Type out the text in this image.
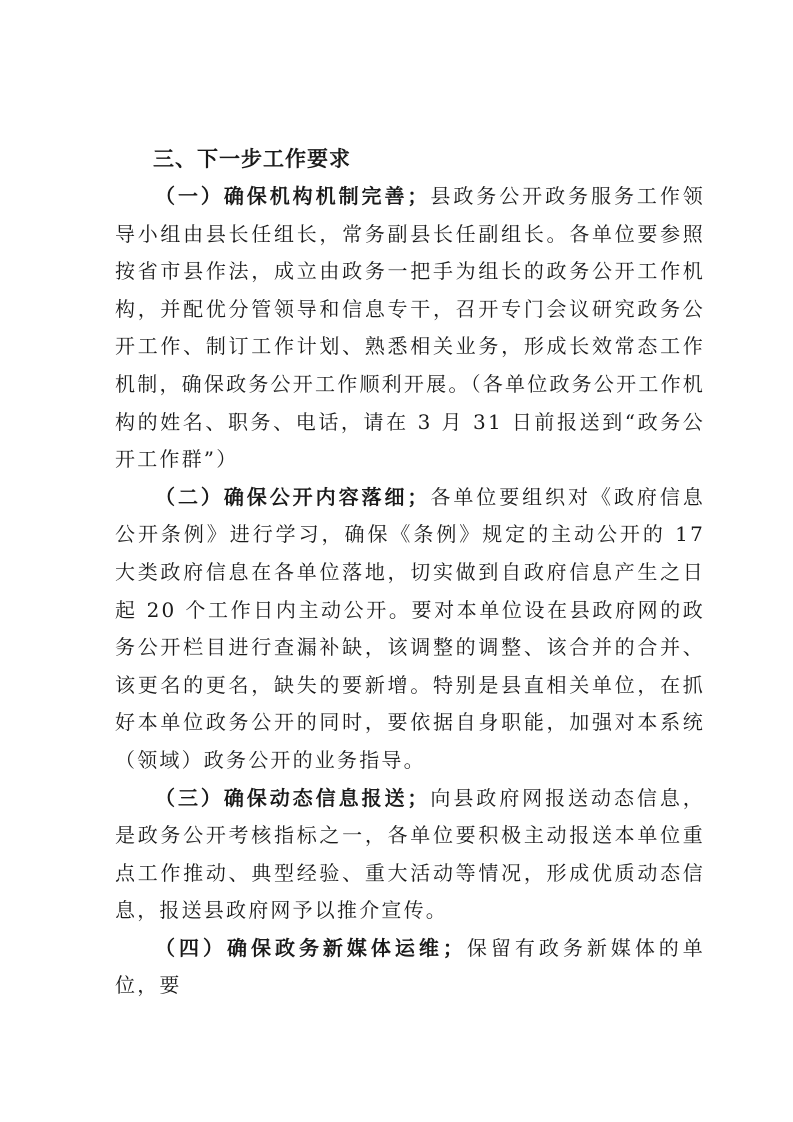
三、下一步工作要求

（一）确保机构机制完善；县政务公开政务服务工作领导小组由县长任组长，常务副县长任副组长。各单位要参照按省市县作法，成立由政务一把手为组长的政务公开工作机构，并配优分管领导和信息专干，召开专门会议研究政务公开工作、制订工作计划、熟悉相关业务，形成长效常态工作机制，确保政务公开工作顺利开展。（各单位政务公开工作机构的姓名、职务、电话，请在 3 月 31 日前报送到“政务公开工作群”）

（二）确保公开内容落细；各单位要组织对《政府信息公开条例》进行学习，确保《条例》规定的主动公开的 17 大类政府信息在各单位落地，切实做到自政府信息产生之日起 20 个工作日内主动公开。要对本单位设在县政府网的政务公开栏目进行查漏补缺，该调整的调整、该合并的合并、该更名的更名，缺失的要新增。特别是县直相关单位，在抓好本单位政务公开的同时，要依据自身职能，加强对本系统（领域）政务公开的业务指导。

（三）确保动态信息报送；向县政府网报送动态信息，是政务公开考核指标之一，各单位要积极主动报送本单位重点工作推动、典型经验、重大活动等情况，形成优质动态信息，报送县政府网予以推介宣传。

（四）确保政务新媒体运维；保留有政务新媒体的单位，要
